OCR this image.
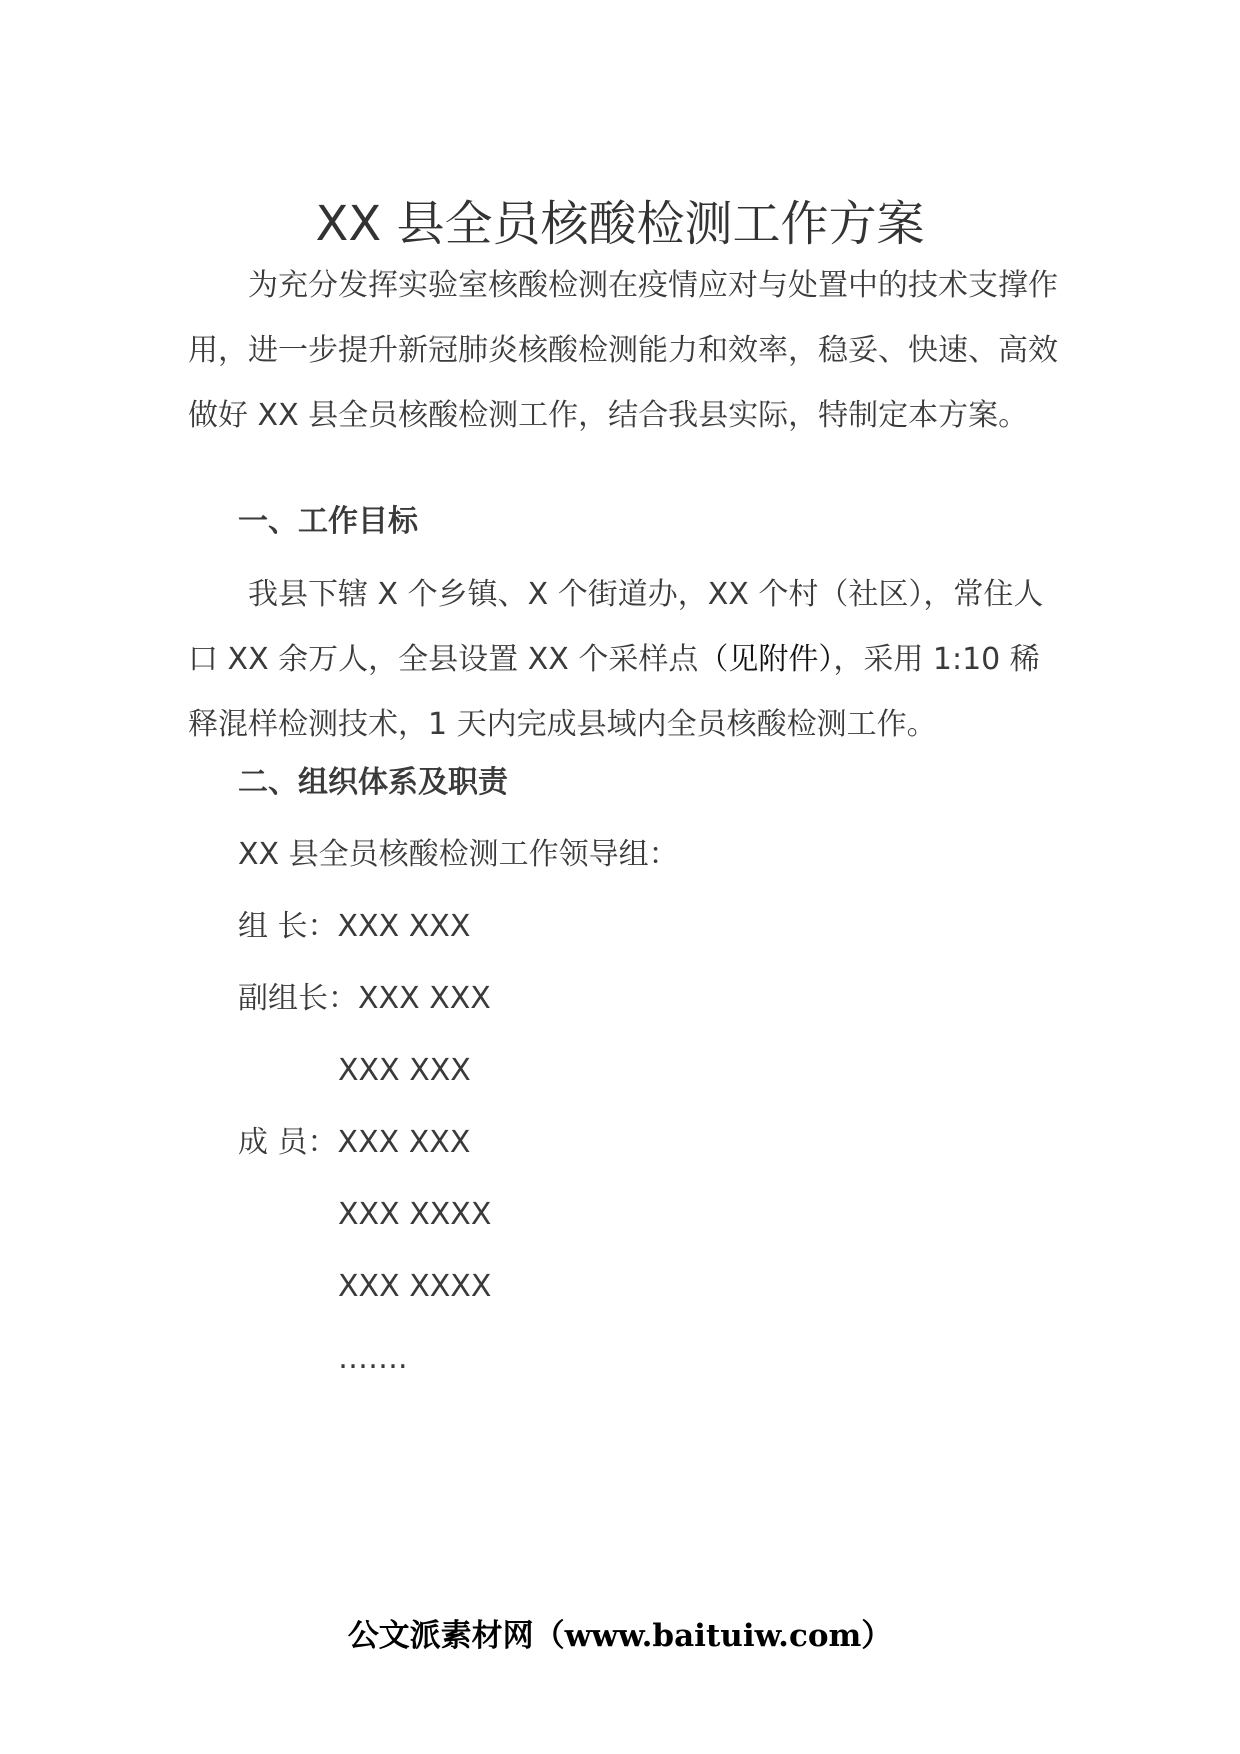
XX 县全员核酸检测工作方案

为充分发挥实验室核酸检测在疫情应对与处置中的技术支撑作用，进一步提升新冠肺炎核酸检测能力和效率，稳妥、快速、高效做好 XX 县全员核酸检测工作，结合我县实际，特制定本方案。

一、工作目标

我县下辖 X 个乡镇、X 个街道办，XX 个村（社区），常住人口 XX 余万人，全县设置 XX 个采样点（见附件），采用 1:10 稀释混样检测技术，1 天内完成县域内全员核酸检测工作。

二、组织体系及职责
XX 县全员核酸检测工作领导组：
组 长：XXX XXX
副组长：XXX XXX
XXX XXX
成 员：XXX XXX
XXX XXXX
XXX XXXX
…….
公文派素材网（www.baituiw.com）
